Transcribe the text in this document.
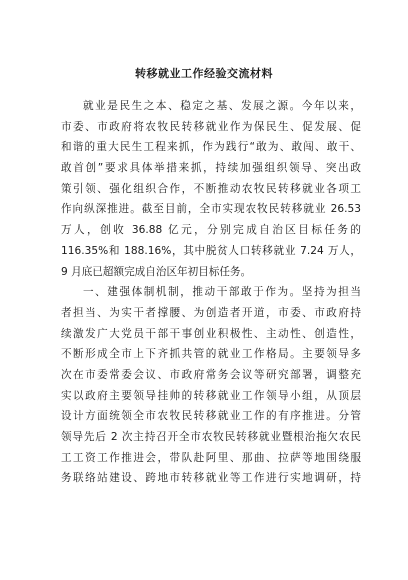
转移就业工作经验交流材料
就业是民生之本、稳定之基、发展之源。今年以来，
市委、市政府将农牧民转移就业作为保民生、促发展、促
和谐的重大民生工程来抓，作为践行“敢为、敢闯、敢干、
敢首创”要求具体举措来抓，持续加强组织领导、突出政
策引领、强化组织合作，不断推动农牧民转移就业各项工
作向纵深推进。截至目前，全市实现农牧民转移就业 26.53
万人，创收 36.88 亿元，分别完成自治区目标任务的
116.35%和 188.16%，其中脱贫人口转移就业 7.24 万人，
9 月底已超额完成自治区年初目标任务。
一、建强体制机制，推动干部敢于作为。坚持为担当
者担当、为实干者撑腰、为创造者开道，市委、市政府持
续激发广大党员干部干事创业积极性、主动性、创造性，
不断形成全市上下齐抓共管的就业工作格局。主要领导多
次在市委常委会议、市政府常务会议等研究部署，调整充
实以政府主要领导挂帅的转移就业工作领导小组，从顶层
设计方面统领全市农牧民转移就业工作的有序推进。分管
领导先后 2 次主持召开全市农牧民转移就业暨根治拖欠农民
工工资工作推进会，带队赴阿里、那曲、拉萨等地围绕服
务联络站建设、跨地市转移就业等工作进行实地调研，持
